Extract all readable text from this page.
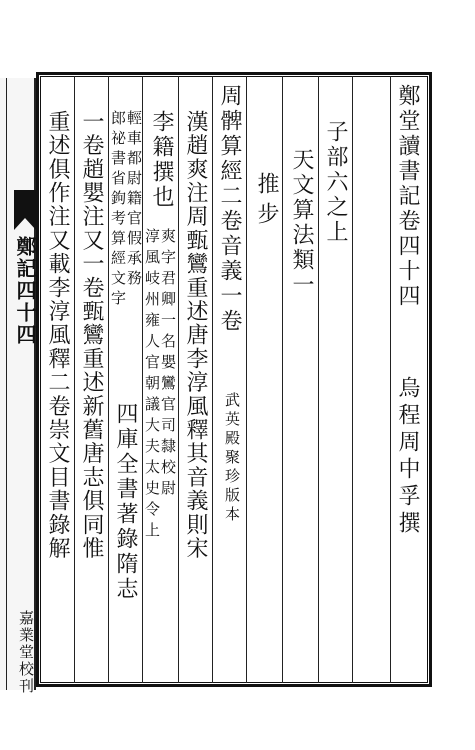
鄭記四十四
嘉業堂校刊
鄭堂讀書記卷四十四
烏程周中孚撰
子部六之上
天文算法類一
推步
周髀算經二卷音義一卷
武英殿聚珍版本
漢趙爽注周甄鸞重述唐李淳風釋其音義則宋
李籍撰也
爽字君卿一名嬰鸞官司隸校尉
淳風岐州雍人官朝議大夫太史令上
輕車都尉籍官假承務
郎祕書省鉤考算經文字
四庫全書著錄隋志
一卷趙嬰注又一卷甄鸞重述新舊唐志俱同惟
重述俱作注又載李淳風釋二卷崇文目書錄解
